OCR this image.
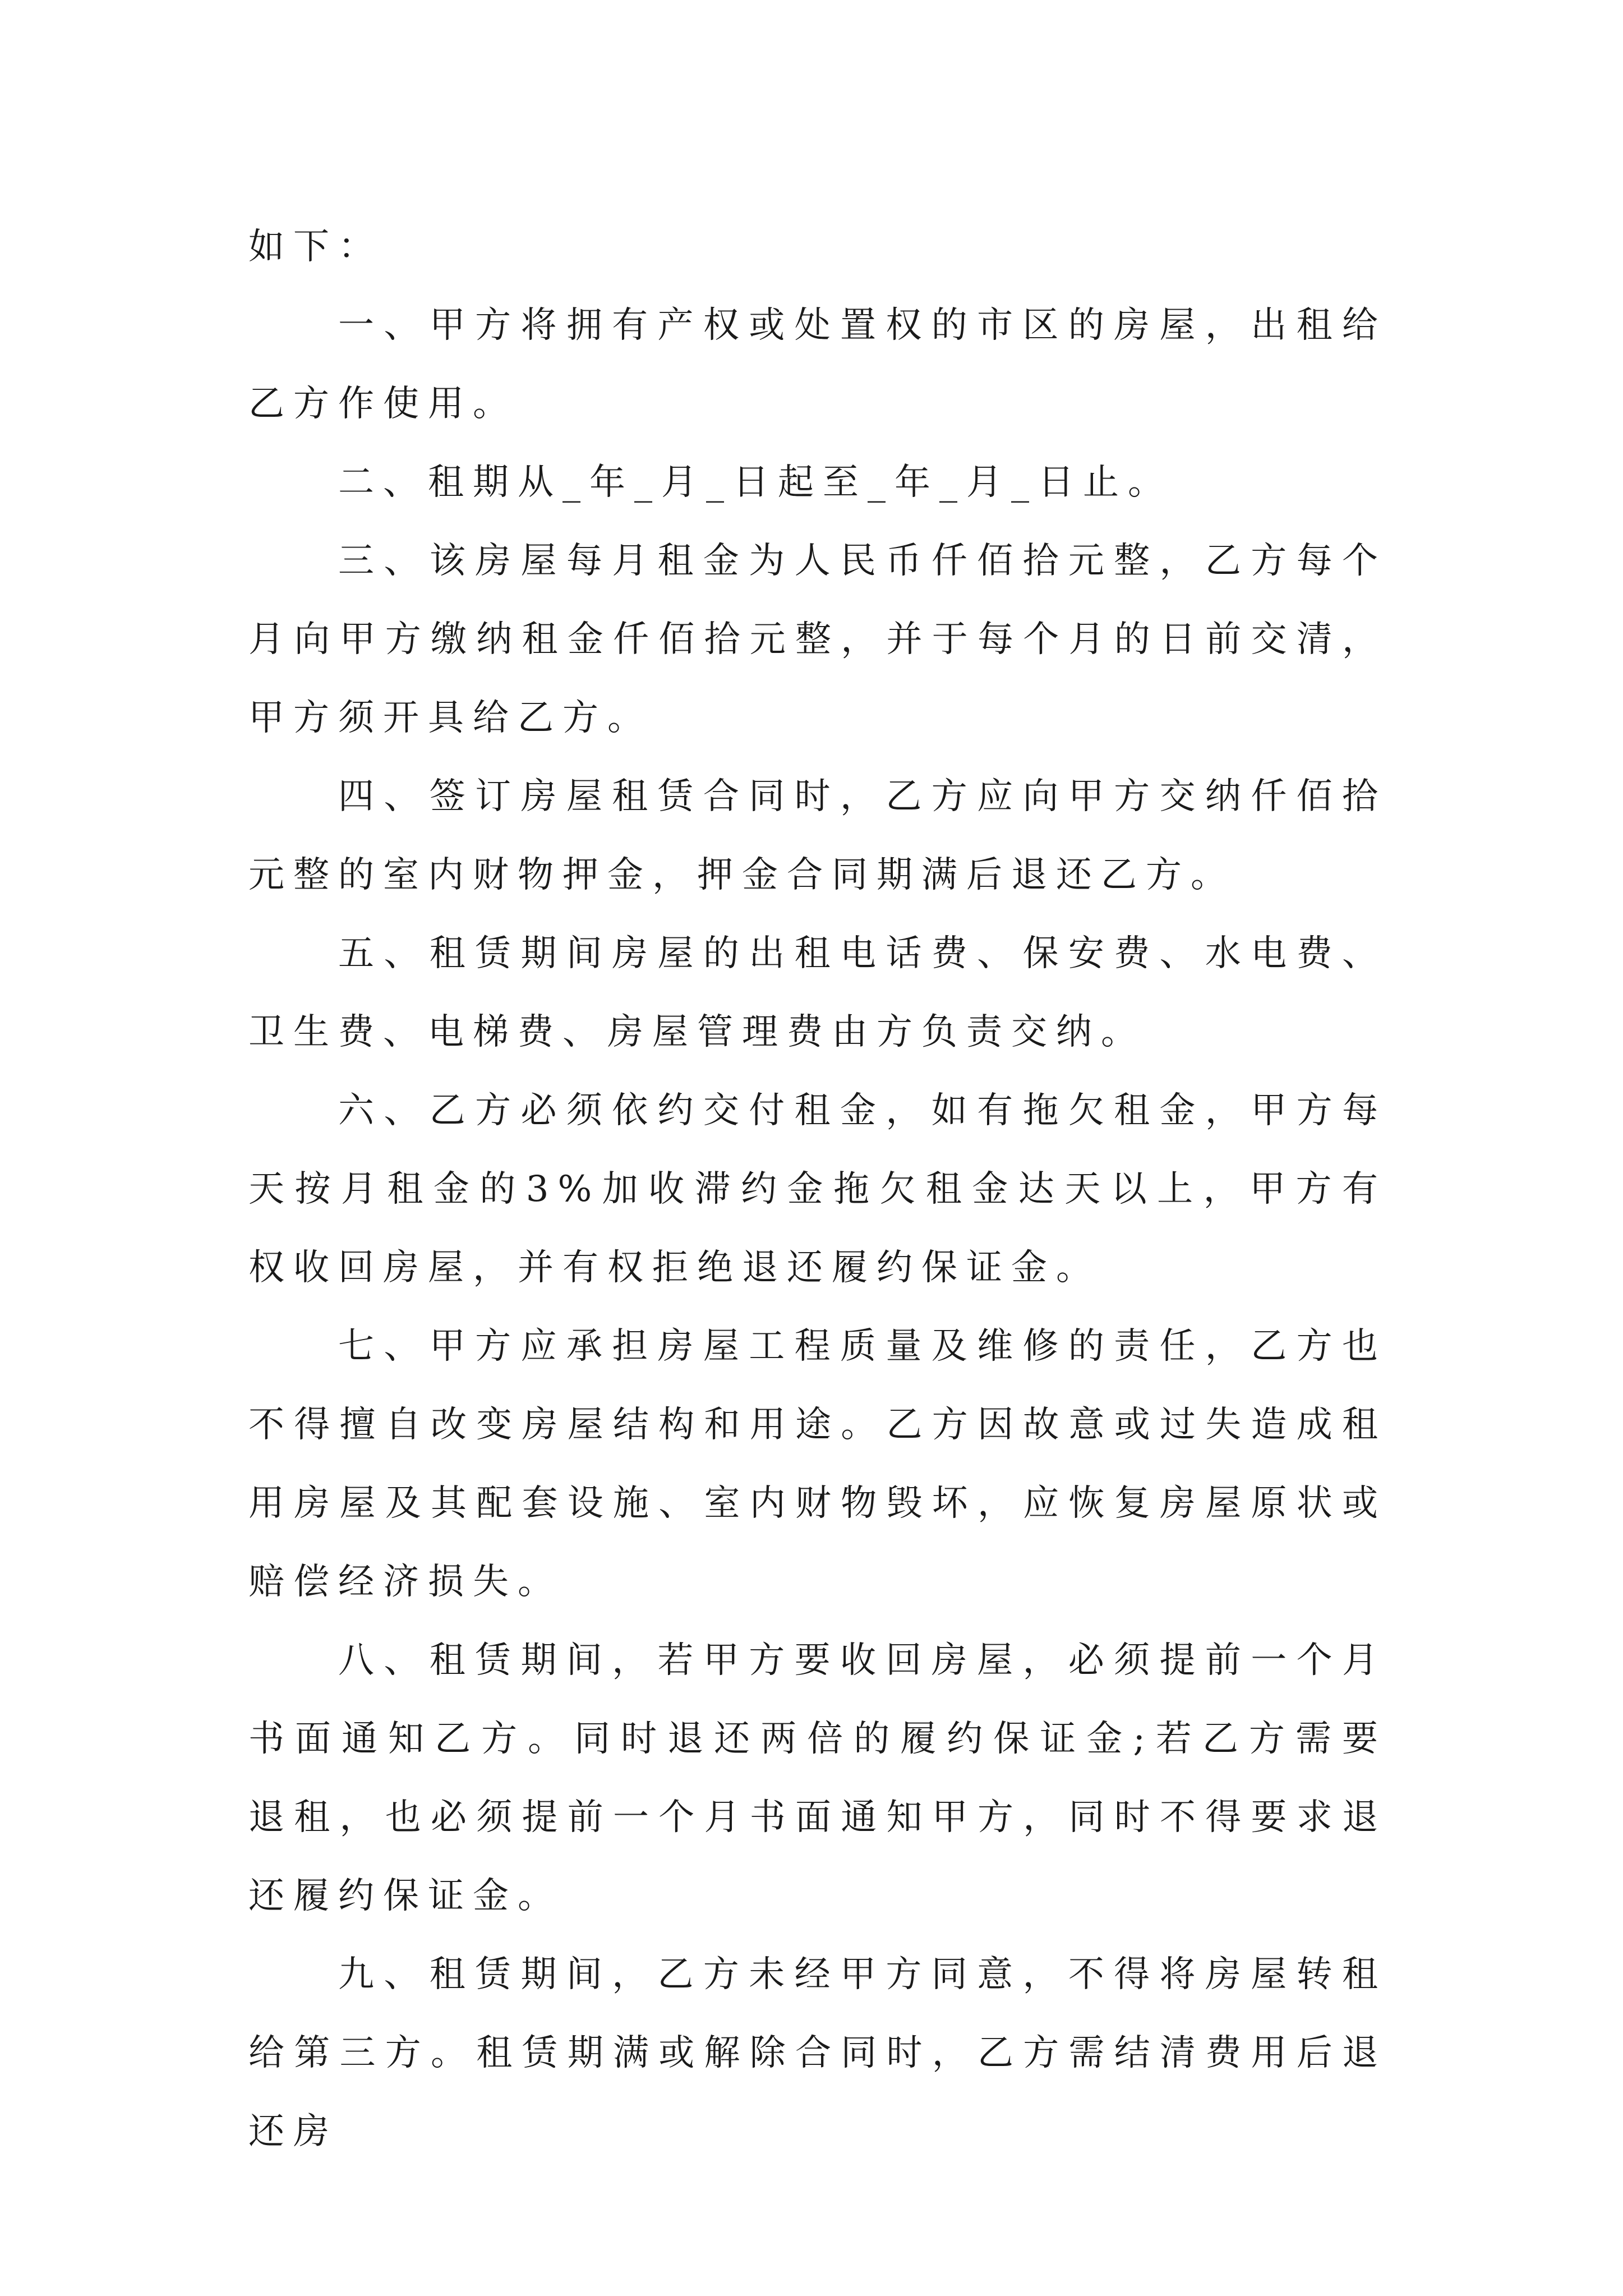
如下：

一、甲方将拥有产权或处置权的市区的房屋，出租给乙方作使用。

二、租期从_年_月_日起至_年_月_日止。

三、该房屋每月租金为人民币仟佰拾元整，乙方每个月向甲方缴纳租金仟佰拾元整，并于每个月的日前交清，甲方须开具给乙方。

四、签订房屋租赁合同时，乙方应向甲方交纳仟佰拾元整的室内财物押金，押金合同期满后退还乙方。

五、租赁期间房屋的出租电话费、保安费、水电费、卫生费、电梯费、房屋管理费由方负责交纳。

六、乙方必须依约交付租金，如有拖欠租金，甲方每天按月租金的3%加收滞约金拖欠租金达天以上，甲方有权收回房屋，并有权拒绝退还履约保证金。

七、甲方应承担房屋工程质量及维修的责任，乙方也不得擅自改变房屋结构和用途。乙方因故意或过失造成租用房屋及其配套设施、室内财物毁坏，应恢复房屋原状或赔偿经济损失。

八、租赁期间，若甲方要收回房屋，必须提前一个月书面通知乙方。同时退还两倍的履约保证金;若乙方需要退租，也必须提前一个月书面通知甲方，同时不得要求退还履约保证金。

九、租赁期间，乙方未经甲方同意，不得将房屋转租给第三方。租赁期满或解除合同时，乙方需结清费用后退还房
